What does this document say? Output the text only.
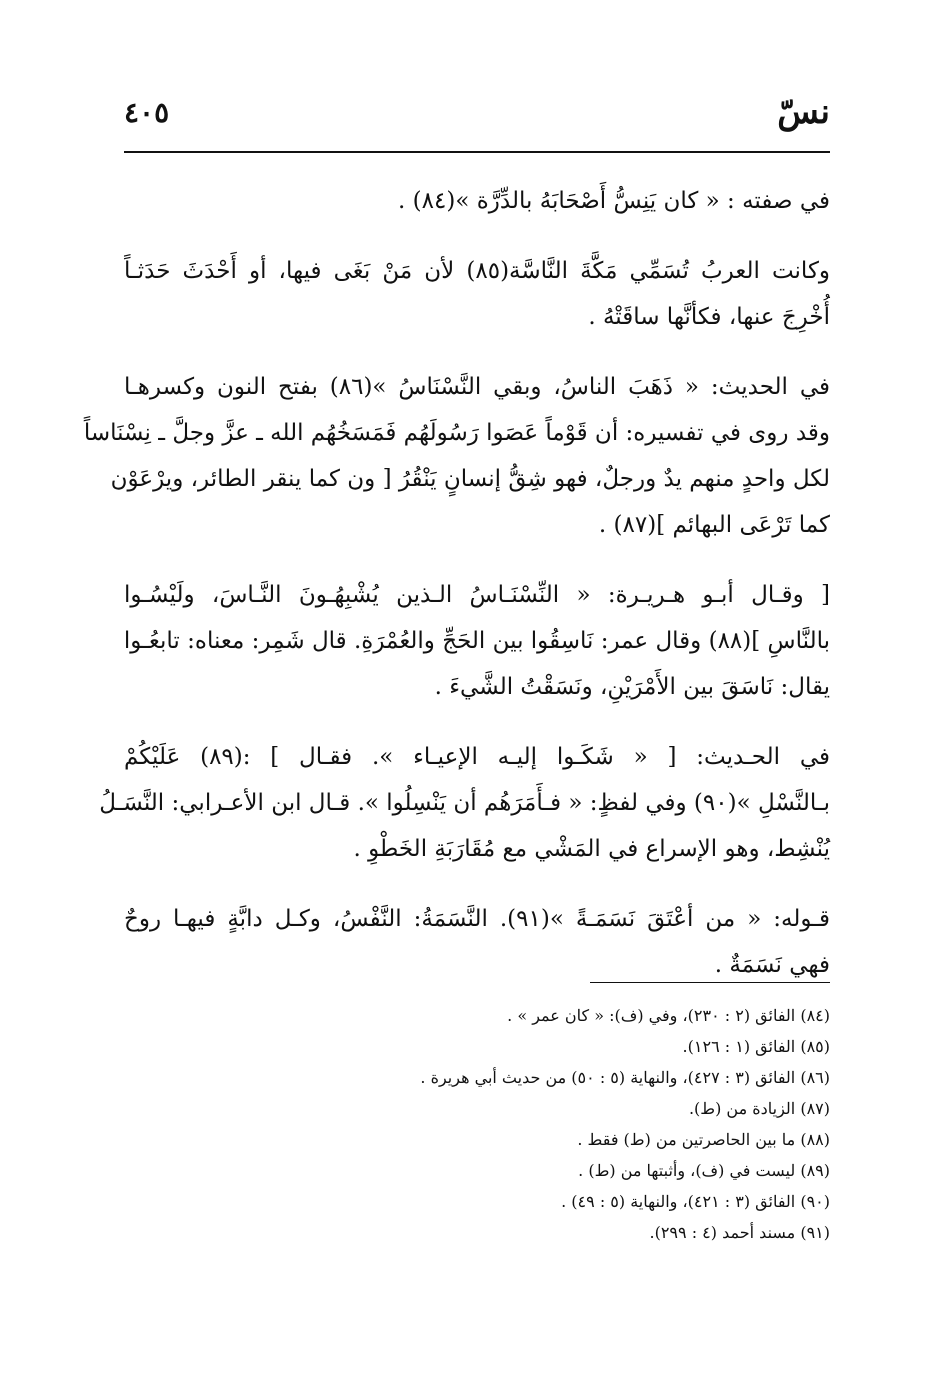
نسّ
٤٠٥
في صفته : « كان يَنِسُّ أَصْحَابَهُ بالدِّرَّة »(٨٤) .
وكانت العربُ تُسَمِّي مَكَّةَ النَّاسَّة(٨٥) لأن مَنْ بَغَى فيها، أو أَحْدَثَ حَدَثـاً
أُخْرِجَ عنها، فكأنَّها ساقَتْهُ .
في الحديث: « ذَهَبَ الناسُ، وبقي النَّسْنَاسُ »(٨٦) بفتح النون وكسرهـا
وقد روى في تفسيره: أن قَوْماً عَصَوا رَسُولَهُم فَمَسَخُهُم الله ـ عزَّ وجلَّ ـ نِسْنَاساً
لكل واحدٍ منهم يدٌ ورجلٌ، فهو شِقُّ إنسانٍ يَنْقُرُ [ ون كما ينقر الطائر، ويرْعَوْن
كما تَرْعَى البهائم ](٨٧) .
[ وقـال أبـو هـريـرة: « النِّسْنَـاسُ الـذين يُشْبِهُـونَ النَّـاسَ، ولَيْسُـوا
بالنَّاسِ ](٨٨) وقال عمر: نَاسِقُوا بين الحَجِّ والعُمْرَةِ. قال شَمِر: معناه: تابعُـوا
يقال: نَاسَقَ بين الأَمْرَيْنِ، ونَسَقْتُ الشَّيءَ .
في الحـديث: [ « شَكَـوا إليـه الإعيـاء ». فقـال ] :(٨٩) عَلَيْكُمْ
بـالنَّسْلِ »(٩٠) وفي لفظٍ: « فـأَمَرَهُم أن يَنْسِلُوا ». قـال ابن الأعـرابي: النَّسَـلُ
يُنْشِط، وهو الإسراع في المَشْي مع مُقَارَبَةِ الخَطْوِ .
قـوله: « من أعْتَقَ نَسَمَـةً »(٩١). النَّسَمَةُ: النَّفْسُ، وكـل دابَّةٍ فيهـا روحٌ
فهي نَسَمَةٌ .
(٨٤) الفائق (٢ : ٢٣٠)، وفي (ف): « كان عمر » .
(٨٥) الفائق (١ : ١٢٦).
(٨٦) الفائق (٣ : ٤٢٧)، والنهاية (٥ : ٥٠) من حديث أبي هريرة .
(٨٧) الزيادة من (ط).
(٨٨) ما بين الحاصرتين من (ط) فقط .
(٨٩) ليست في (ف)، وأثبتها من (ط) .
(٩٠) الفائق (٣ : ٤٢١)، والنهاية (٥ : ٤٩) .
(٩١) مسند أحمد (٤ : ٢٩٩).
